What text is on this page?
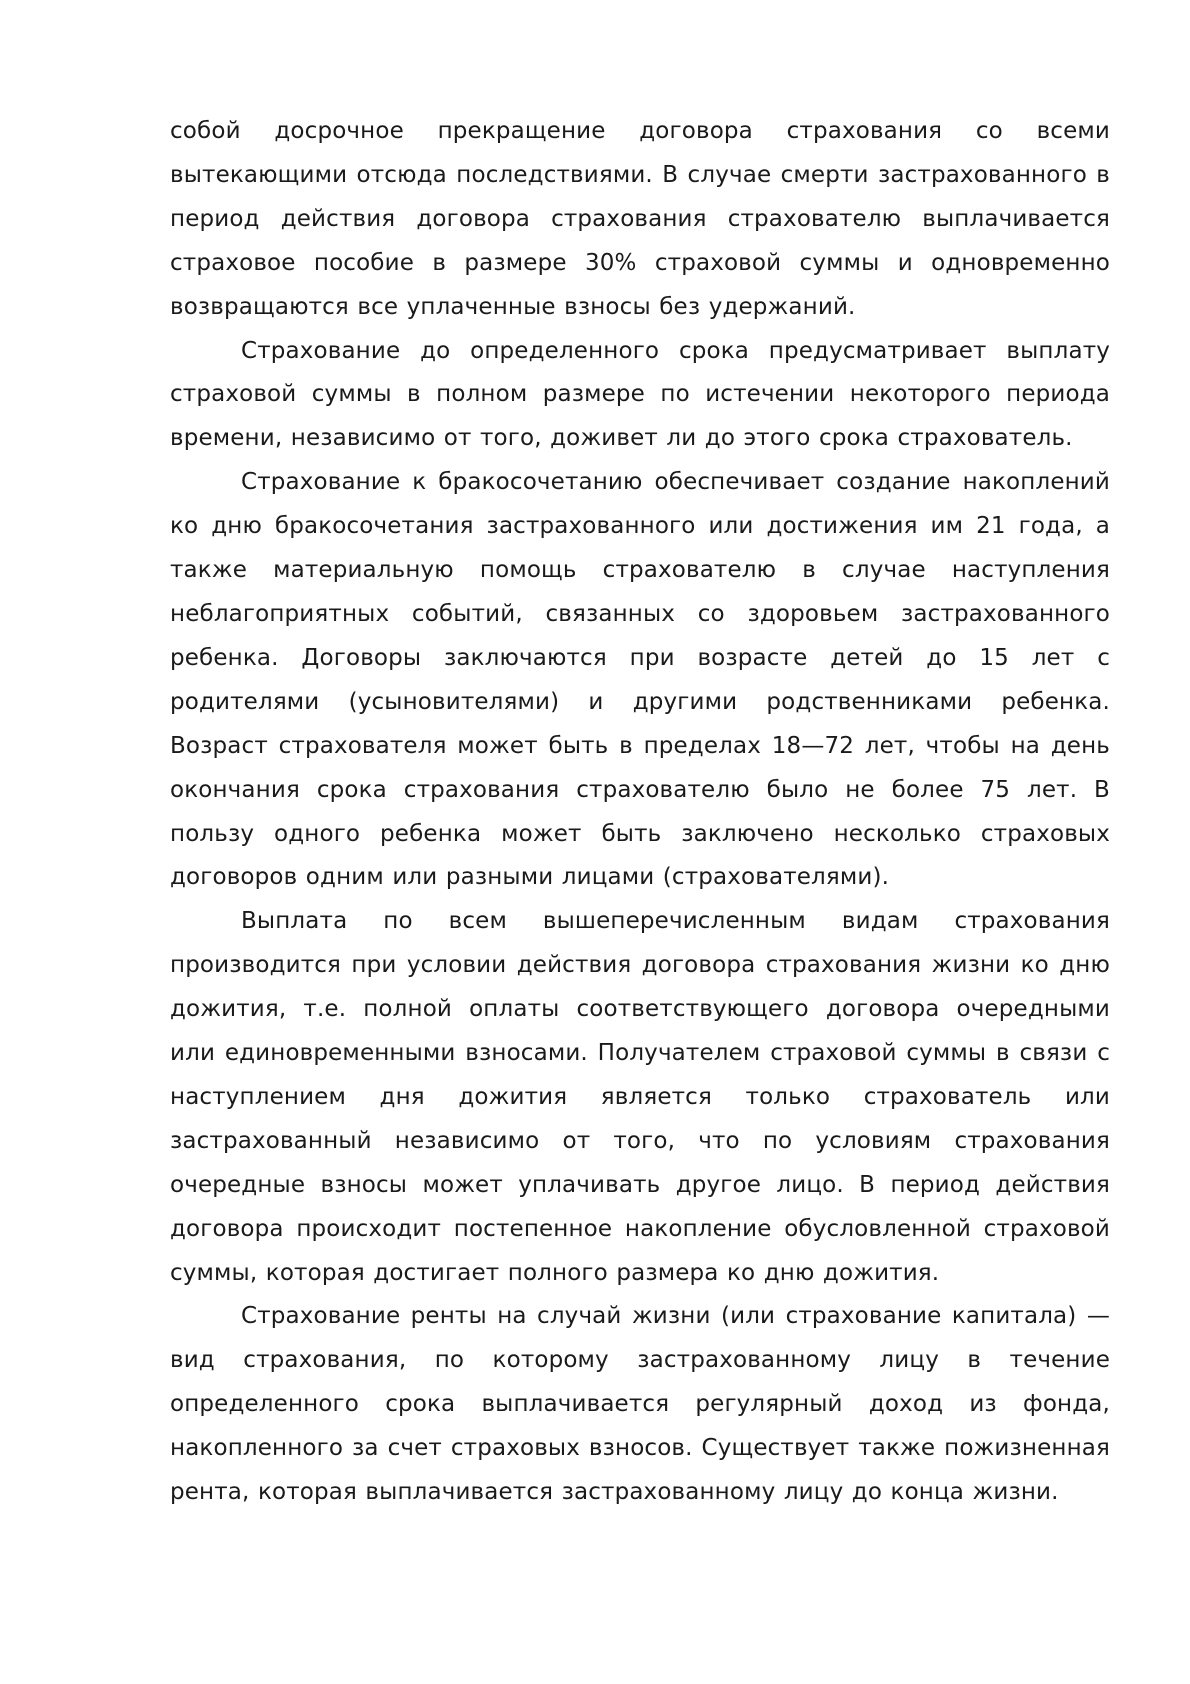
собой досрочное прекращение договора страхования со всеми вытекающими отсюда последствиями. В случае смерти застрахованного в период действия договора страхования страхователю выплачивается страховое пособие в размере 30% страховой суммы и одновременно возвращаются все уплаченные взносы без удержаний.

Страхование до определенного срока предусматривает выплату страховой суммы в полном размере по истечении некоторого периода времени, независимо от того, доживет ли до этого срока страхователь.

Страхование к бракосочетанию обеспечивает создание накоплений ко дню бракосочетания застрахованного или достижения им 21 года, а также материальную помощь страхователю в случае наступления неблагоприятных событий, связанных со здоровьем застрахованного ребенка. Договоры заключаются при возрасте детей до 15 лет с родителями (усыновителями) и другими родственниками ребенка. Возраст страхователя может быть в пределах 18—72 лет, чтобы на день окончания срока страхования страхователю было не более 75 лет. В пользу одного ребенка может быть заключено несколько страховых договоров одним или разными лицами (страхователями).

Выплата по всем вышеперечисленным видам страхования производится при условии действия договора страхования жизни ко дню дожития, т.е. полной оплаты соответствующего договора очередными или единовременными взносами. Получателем страховой суммы в связи с наступлением дня дожития является только страхователь или застрахованный независимо от того, что по условиям страхования очередные взносы может уплачивать другое лицо. В период действия договора происходит постепенное накопление обусловленной страховой суммы, которая достигает полного размера ко дню дожития.

Страхование ренты на случай жизни (или страхование капитала) — вид страхования, по которому застрахованному лицу в течение определенного срока выплачивается регулярный доход из фонда, накопленного за счет страховых взносов. Существует также пожизненная рента, которая выплачивается застрахованному лицу до конца жизни.
